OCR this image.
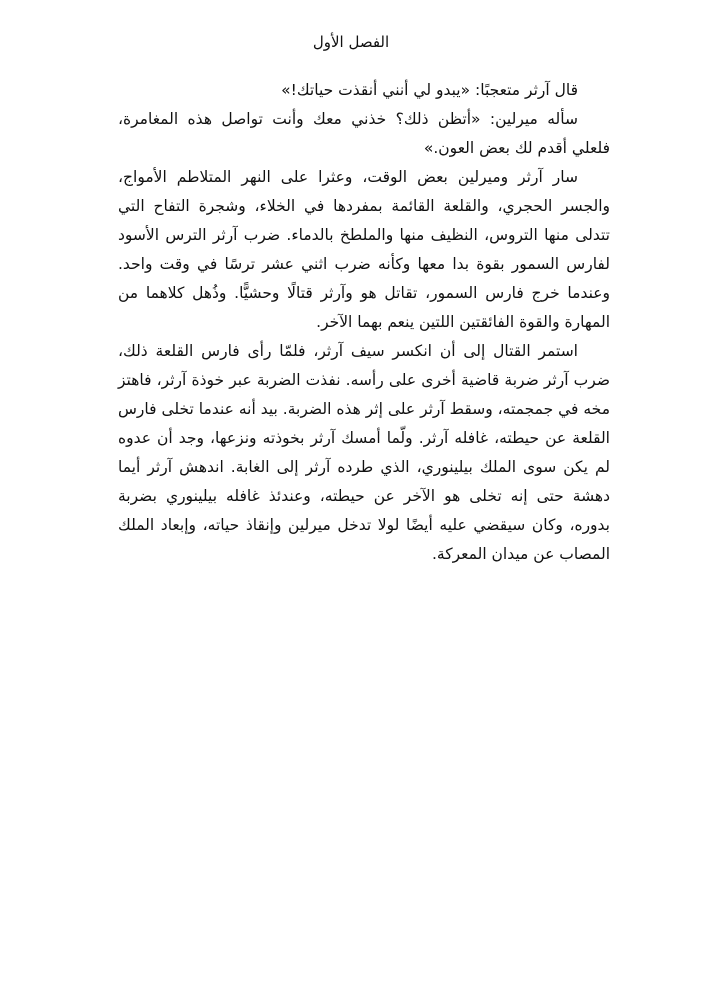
الفصل الأول

قال آرثر متعجبًا: «يبدو لي أنني أنقذت حياتك!»

سأله ميرلين: «أتظن ذلك؟ خذني معك وأنت تواصل هذه المغامرة، فلعلي أقدم لك بعض العون.»

سار آرثر وميرلين بعض الوقت، وعثرا على النهر المتلاطم الأمواج، والجسر الحجري، والقلعة القائمة بمفردها في الخلاء، وشجرة التفاح التي تتدلى منها التروس، النظيف منها والملطخ بالدماء. ضرب آرثر الترس الأسود لفارس السمور بقوة بدا معها وكأنه ضرب اثني عشر ترسًا في وقت واحد. وعندما خرج فارس السمور، تقاتل هو وآرثر قتالًا وحشيًّا. وذُهل كلاهما من المهارة والقوة الفائقتين اللتين ينعم بهما الآخر.

استمر القتال إلى أن انكسر سيف آرثر، فلمّا رأى فارس القلعة ذلك، ضرب آرثر ضربة قاضية أخرى على رأسه. نفذت الضربة عبر خوذة آرثر، فاهتز مخه في جمجمته، وسقط آرثر على إثر هذه الضربة. بيد أنه عندما تخلى فارس القلعة عن حيطته، غافله آرثر. ولّما أمسك آرثر بخوذته ونزعها، وجد أن عدوه لم يكن سوى الملك بيلينوري، الذي طرده آرثر إلى الغابة. اندهش آرثر أيما دهشة حتى إنه تخلى هو الآخر عن حيطته، وعندئذ غافله بيلينوري بضربة بدوره، وكان سيقضي عليه أيضًا لولا تدخل ميرلين وإنقاذ حياته، وإبعاد الملك المصاب عن ميدان المعركة.
